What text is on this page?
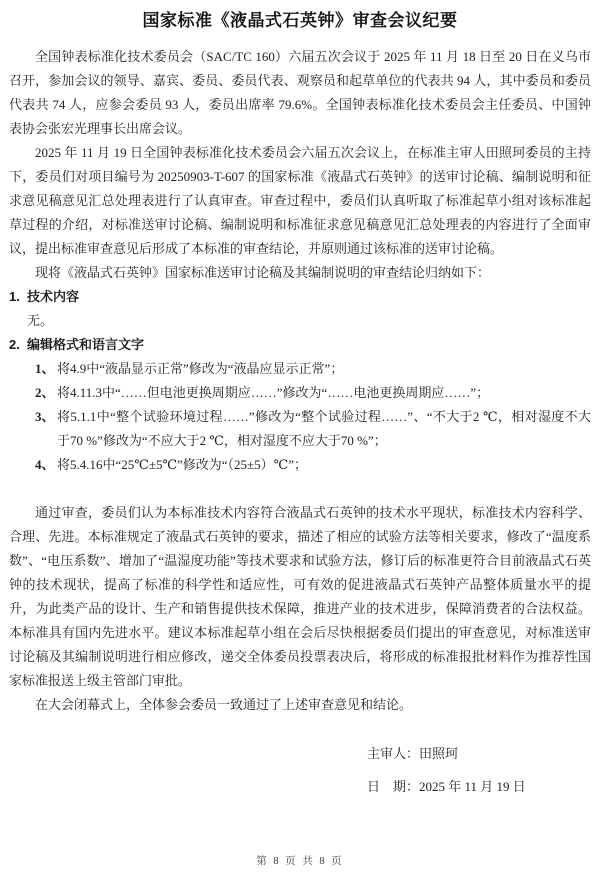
国家标准《液晶式石英钟》审查会议纪要

全国钟表标准化技术委员会（SAC/TC 160）六届五次会议于 2025 年 11 月 18 日至 20 日在义乌市召开，参加会议的领导、嘉宾、委员、委员代表、观察员和起草单位的代表共 94 人，其中委员和委员代表共 74 人，应参会委员 93 人，委员出席率 79.6%。全国钟表标准化技术委员会主任委员、中国钟表协会张宏光理事长出席会议。

2025 年 11 月 19 日全国钟表标准化技术委员会六届五次会议上，在标准主审人田照珂委员的主持下，委员们对项目编号为 20250903-T-607 的国家标准《液晶式石英钟》的送审讨论稿、编制说明和征求意见稿意见汇总处理表进行了认真审查。审查过程中，委员们认真听取了标准起草小组对该标准起草过程的介绍，对标准送审讨论稿、编制说明和标准征求意见稿意见汇总处理表的内容进行了全面审议，提出标准审查意见后形成了本标准的审查结论，并原则通过该标准的送审讨论稿。

现将《液晶式石英钟》国家标准送审讨论稿及其编制说明的审查结论归纳如下：

1. 技术内容

无。

2. 编辑格式和语言文字
1、 将4.9中“液晶显示正常”修改为“液晶应显示正常”；
2、 将4.11.3中“……但电池更换周期应……”修改为“……电池更换周期应……”；
3、 将5.1.1中“整个试验环境过程……”修改为“整个试验过程……”、“不大于2 ℃，相对湿度不大于70 %”修改为“不应大于2 ℃，相对湿度不应大于70 %”；
4、 将5.4.16中“25℃±5℃”修改为“（25±5）℃”；

通过审查，委员们认为本标准技术内容符合液晶式石英钟的技术水平现状，标准技术内容科学、合理、先进。本标准规定了液晶式石英钟的要求，描述了相应的试验方法等相关要求，修改了“温度系数”、“电压系数”、增加了“温湿度功能”等技术要求和试验方法，修订后的标准更符合目前液晶式石英钟的技术现状，提高了标准的科学性和适应性，可有效的促进液晶式石英钟产品整体质量水平的提升，为此类产品的设计、生产和销售提供技术保障，推进产业的技术进步，保障消费者的合法权益。本标准具有国内先进水平。建议本标准起草小组在会后尽快根据委员们提出的审查意见，对标准送审讨论稿及其编制说明进行相应修改，递交全体委员投票表决后，将形成的标准报批材料作为推荐性国家标准报送上级主管部门审批。

在大会闭幕式上，全体参会委员一致通过了上述审查意见和结论。

主审人： 田照珂
日　期： 2025 年 11 月 19 日
第 8 页 共 8 页
